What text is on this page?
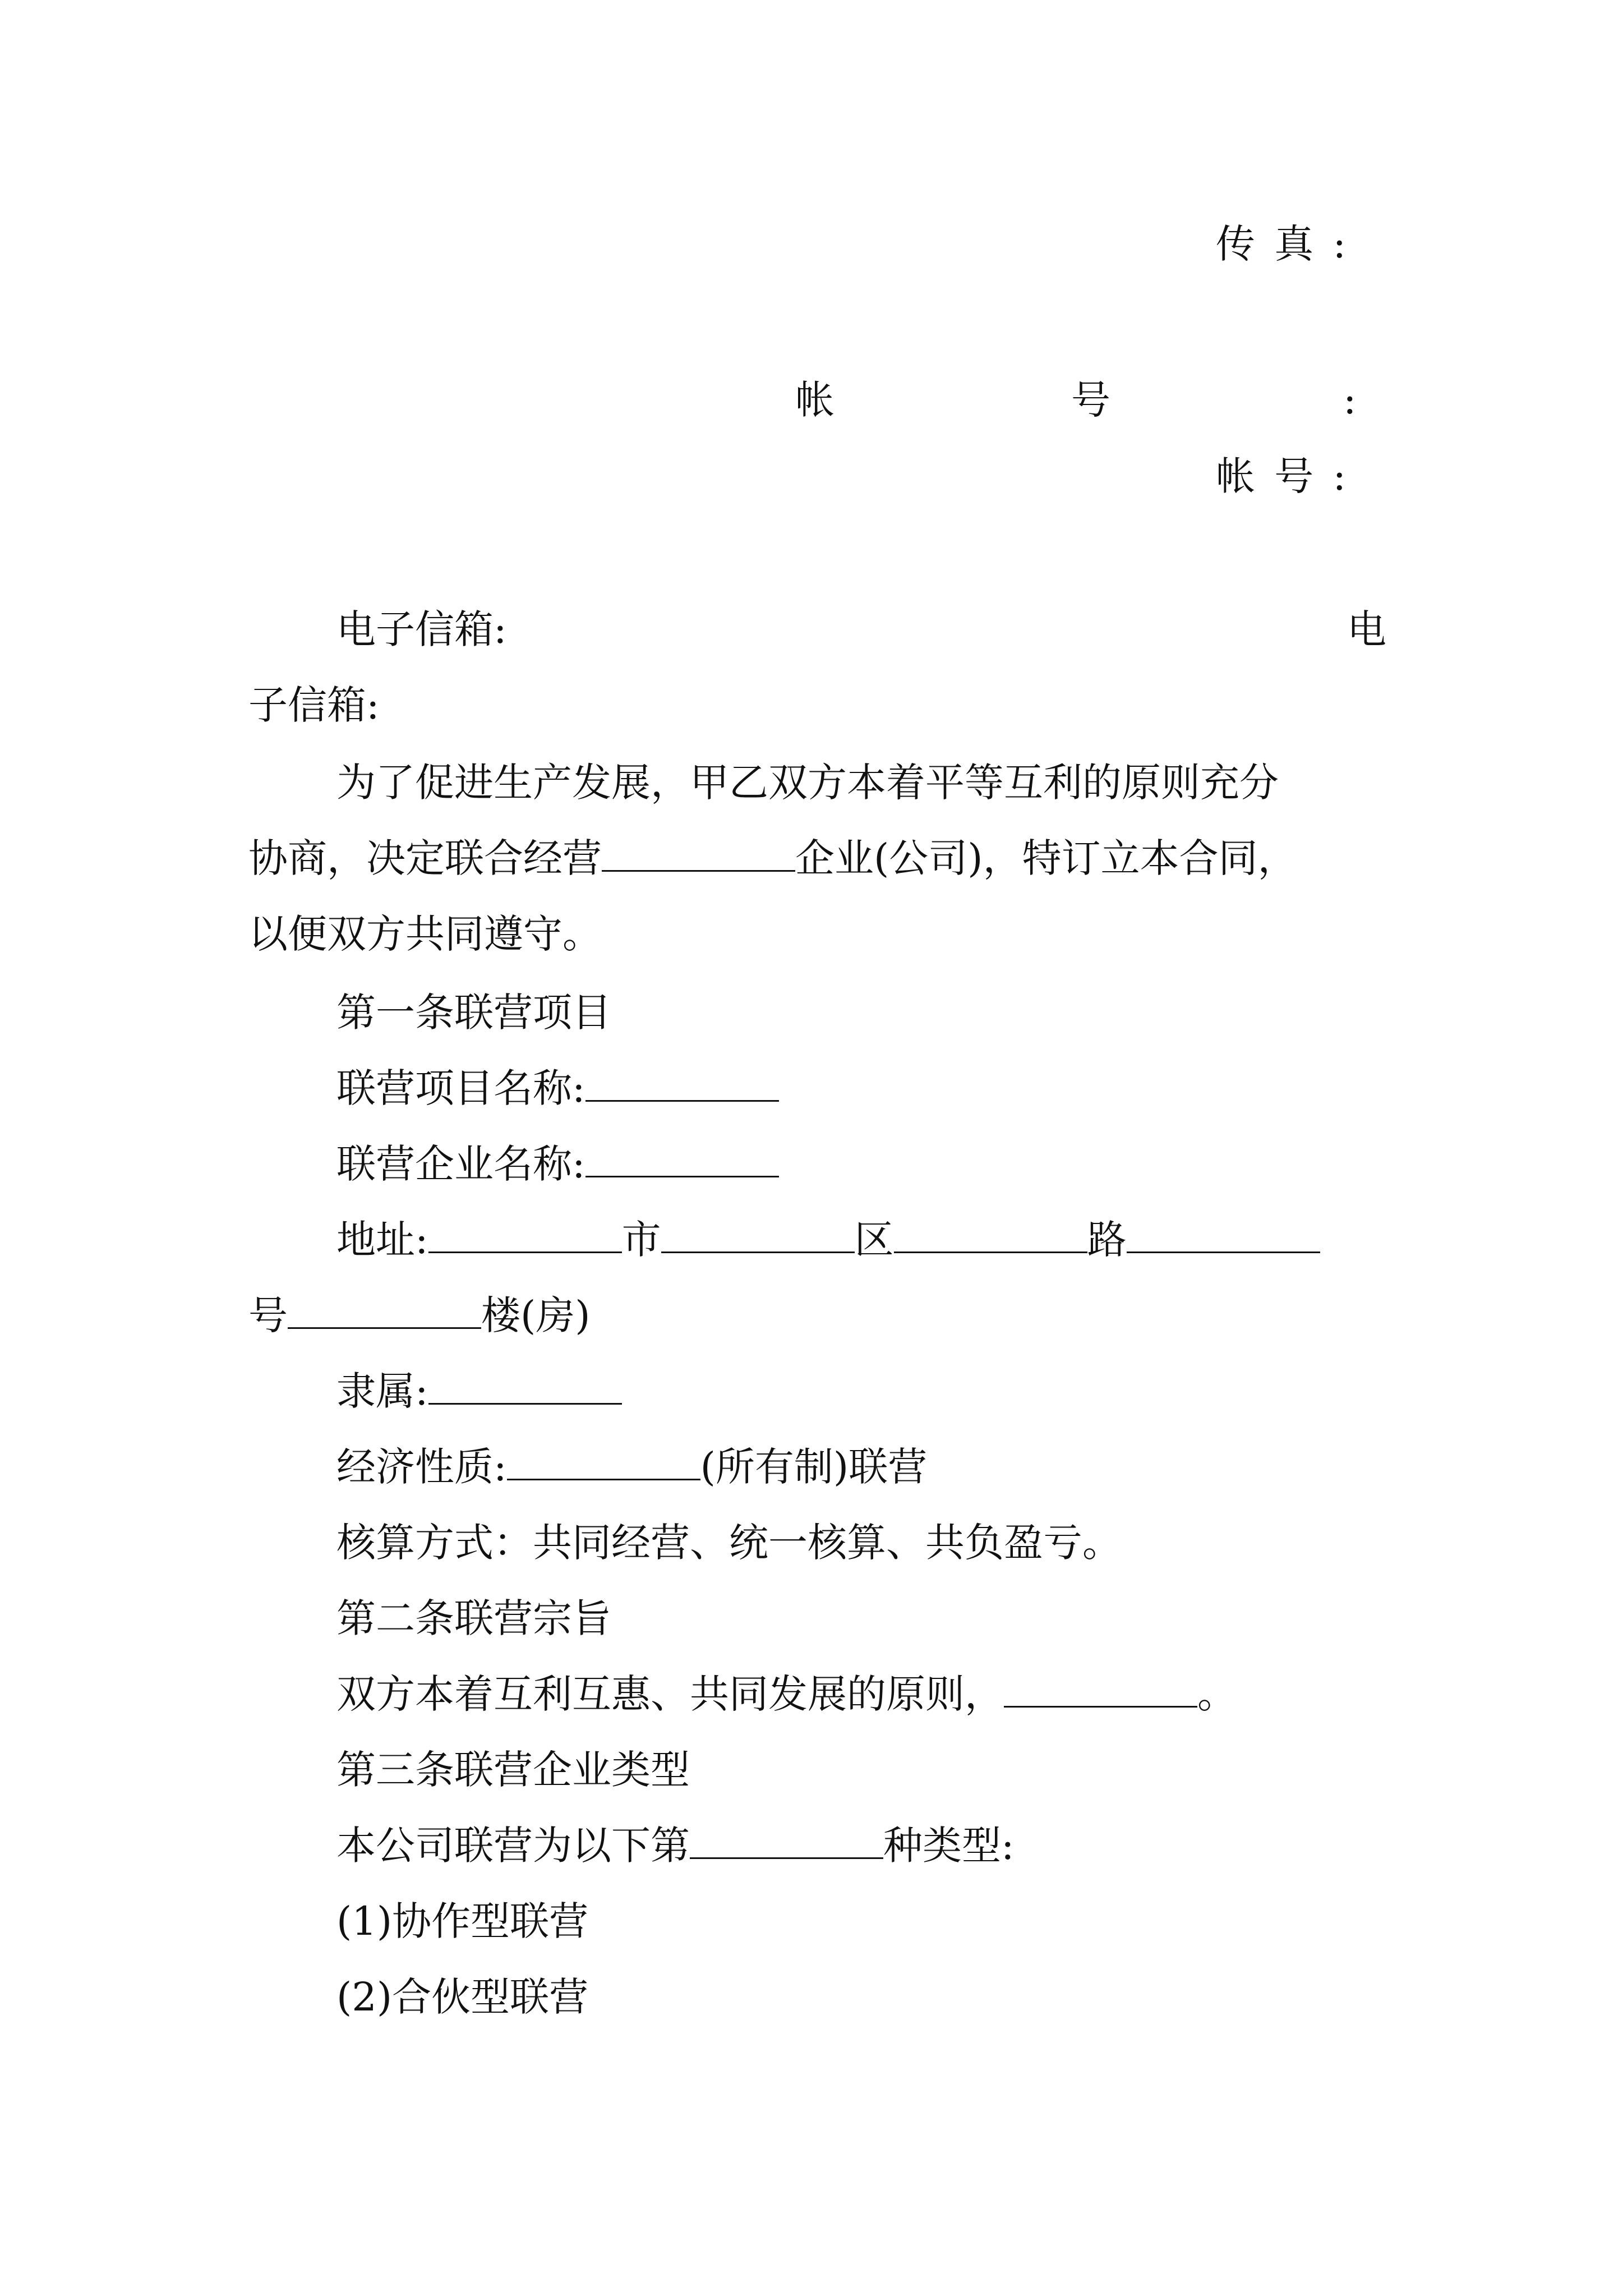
传 真 :
帐	号	:
帐 号 :
电子信箱:	电
子信箱:
为了促进生产发展，甲乙双方本着平等互利的原则充分
协商，决定联合经营	企业(公司)，特订立本合同，
以便双方共同遵守。
第一条联营项目
联营项目名称:
联营企业名称:
地址:	市	区	路
号	楼(房)
隶属:
经济性质:	(所有制)联营
核算方式：共同经营、统一核算、共负盈亏。
第二条联营宗旨
双方本着互利互惠、共同发展的原则，	。
第三条联营企业类型
本公司联营为以下第	种类型:
(1)协作型联营
(2)合伙型联营
